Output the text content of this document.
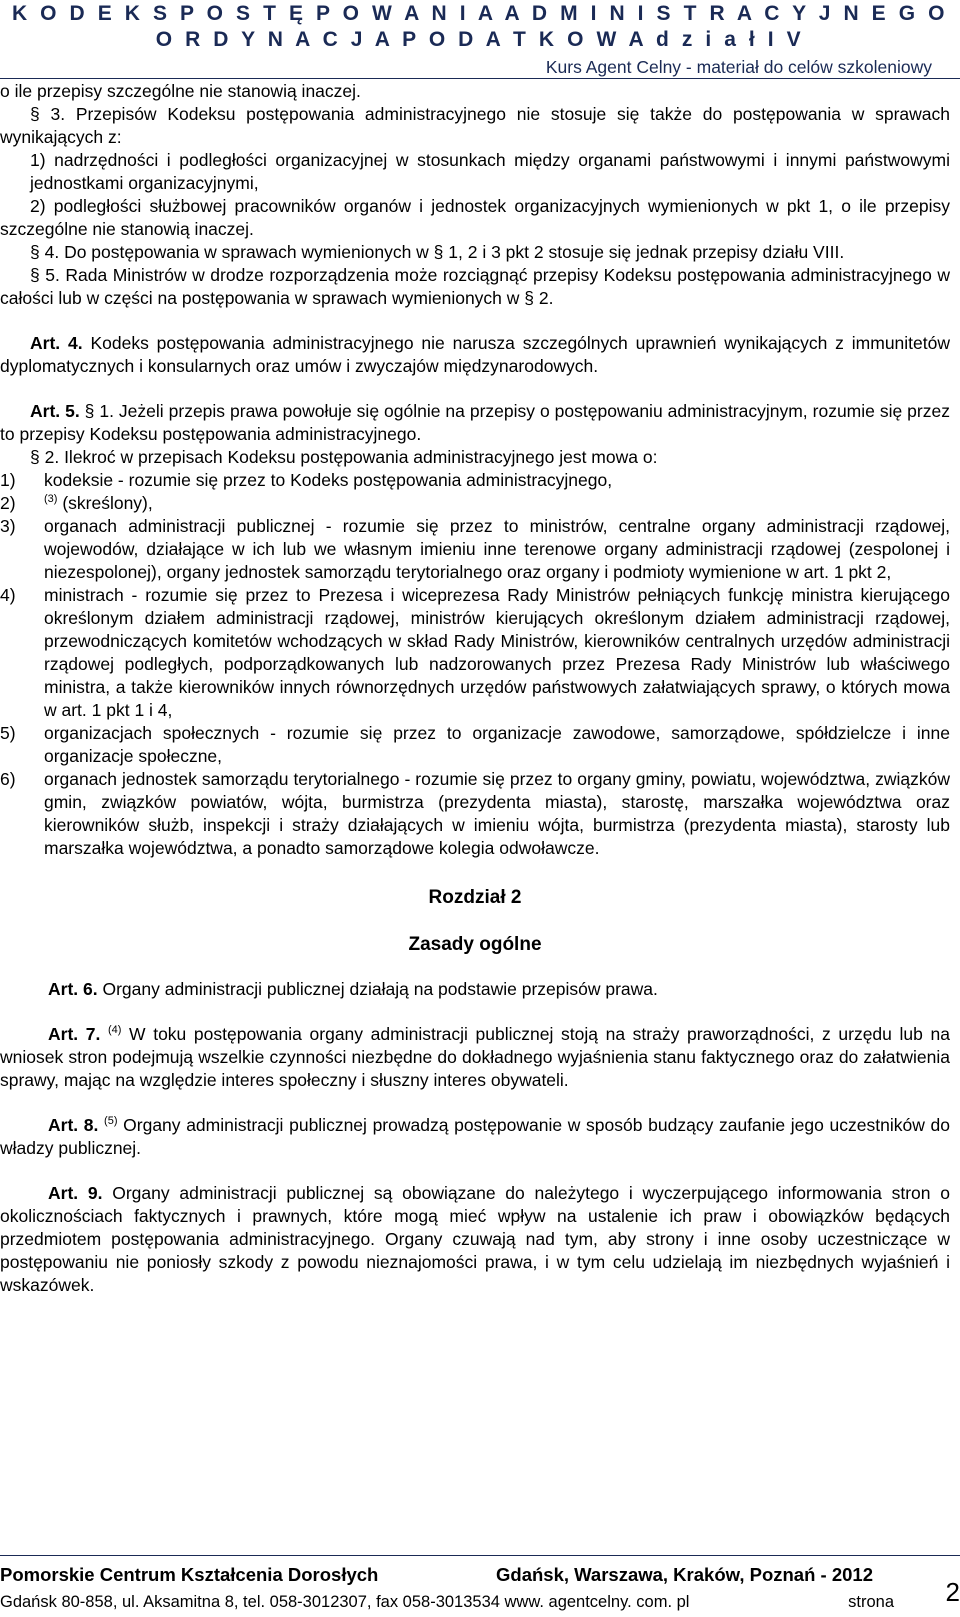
K O D E K S P O S T Ę P O W A N I A A D M I N I S T R A C Y J N E G O
O R D Y N A C J A P O D A T K O W A d z i a ł I V
Kurs Agent Celny - materiał do celów szkoleniowy

o ile przepisy szczególne nie stanowią inaczej.

§ 3. Przepisów Kodeksu postępowania administracyjnego nie stosuje się także do postępowania w sprawach wynikających z:

1) nadrzędności i podległości organizacyjnej w stosunkach między organami państwowymi i innymi państwowymi jednostkami organizacyjnymi,

2) podległości służbowej pracowników organów i jednostek organizacyjnych wymienionych w pkt 1, o ile przepisy szczególne nie stanowią inaczej.

§ 4. Do postępowania w sprawach wymienionych w § 1, 2 i 3 pkt 2 stosuje się jednak przepisy działu VIII.

§ 5. Rada Ministrów w drodze rozporządzenia może rozciągnąć przepisy Kodeksu postępowania administracyjnego w całości lub w części na postępowania w sprawach wymienionych w § 2.

Art. 4. Kodeks postępowania administracyjnego nie narusza szczególnych uprawnień wynikających z immunitetów dyplomatycznych i konsularnych oraz umów i zwyczajów międzynarodowych.

Art. 5. § 1. Jeżeli przepis prawa powołuje się ogólnie na przepisy o postępowaniu administracyjnym, rozumie się przez to przepisy Kodeksu postępowania administracyjnego.

§ 2. Ilekroć w przepisach Kodeksu postępowania administracyjnego jest mowa o:

1)	kodeksie - rozumie się przez to Kodeks postępowania administracyjnego,
2)	$^{(3)}$ (skreślony),
3)	organach administracji publicznej - rozumie się przez to ministrów, centralne organy administracji rządowej, wojewodów, działające w ich lub we własnym imieniu inne terenowe organy administracji rządowej (zespolonej i niezespolonej), organy jednostek samorządu terytorialnego oraz organy i podmioty wymienione w art. 1 pkt 2,
4)	ministrach - rozumie się przez to Prezesa i wiceprezesa Rady Ministrów pełniących funkcję ministra kierującego określonym działem administracji rządowej, ministrów kierujących określonym działem administracji rządowej, przewodniczących komitetów wchodzących w skład Rady Ministrów, kierowników centralnych urzędów administracji rządowej podległych, podporządkowanych lub nadzorowanych przez Prezesa Rady Ministrów lub właściwego ministra, a także kierowników innych równorzędnych urzędów państwowych załatwiających sprawy, o których mowa w art. 1 pkt 1 i 4,
5)	organizacjach społecznych - rozumie się przez to organizacje zawodowe, samorządowe, spółdzielcze i inne organizacje społeczne,
6)	organach jednostek samorządu terytorialnego - rozumie się przez to organy gminy, powiatu, województwa, związków gmin, związków powiatów, wójta, burmistrza (prezydenta miasta), starostę, marszałka województwa oraz kierowników służb, inspekcji i straży działających w imieniu wójta, burmistrza (prezydenta miasta), starosty lub marszałka województwa, a ponadto samorządowe kolegia odwoławcze.

Rozdział 2

Zasady ogólne

Art. 6. Organy administracji publicznej działają na podstawie przepisów prawa.

Art. 7. $^{(4)}$ W toku postępowania organy administracji publicznej stoją na straży praworządności, z urzędu lub na wniosek stron podejmują wszelkie czynności niezbędne do dokładnego wyjaśnienia stanu faktycznego oraz do załatwienia sprawy, mając na względzie interes społeczny i słuszny interes obywateli.

Art. 8. $^{(5)}$ Organy administracji publicznej prowadzą postępowanie w sposób budzący zaufanie jego uczestników do władzy publicznej.

Art. 9. Organy administracji publicznej są obowiązane do należytego i wyczerpującego informowania stron o okolicznościach faktycznych i prawnych, które mogą mieć wpływ na ustalenie ich praw i obowiązków będących przedmiotem postępowania administracyjnego. Organy czuwają nad tym, aby strony i inne osoby uczestniczące w postępowaniu nie poniosły szkody z powodu nieznajomości prawa, i w tym celu udzielają im niezbędnych wyjaśnień i wskazówek.

Pomorskie Centrum Kształcenia Dorosłych	Gdańsk, Warszawa, Kraków, Poznań - 2012
Gdańsk 80-858, ul. Aksamitna 8, tel. 058-3012307, fax 058-3013534 www. agentcelny. com. pl	strona 2
